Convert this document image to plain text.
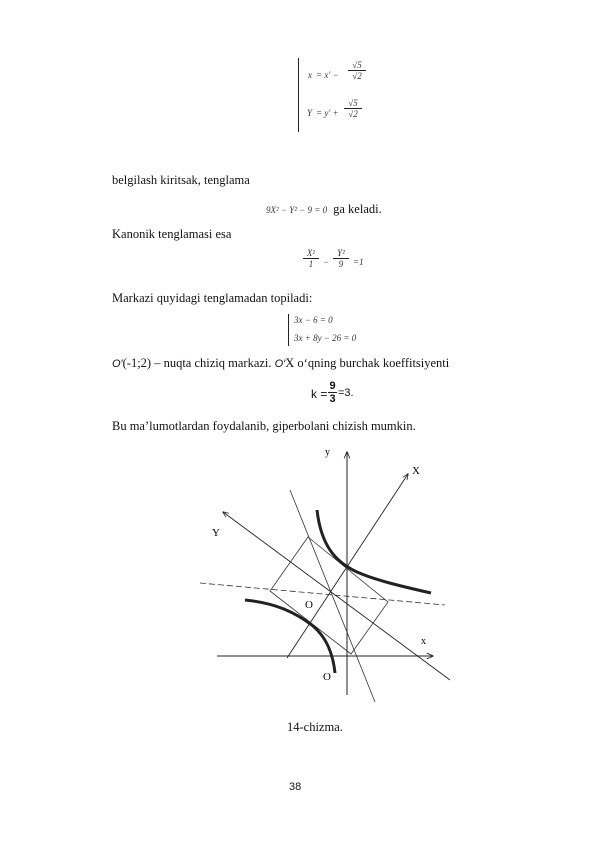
$x = x' - \frac{√5}{√2}$
$Y = y' + \frac{√5}{√2}$
belgilash kiritsak, tenglama
9X² − Y² − 9 = 0 ga keladi.
Kanonik tenglamasi esa
$\frac{\text{X²}}{1} - \frac{\text{Y²}}{9} =1$
Markazi quyidagi tenglamadan topiladi:
3x − 6 = 0
3x + 8y − 26 = 0
O′(-1;2) – nuqta chiziq markazi. O′X o‘qning burchak koeffitsiyenti
$k = \frac{9}{3} =3$.
Bu ma’lumotlardan foydalanib, giperbolani chizish mumkin.
y
x
X
Y
O
O
14-chizma.
38
